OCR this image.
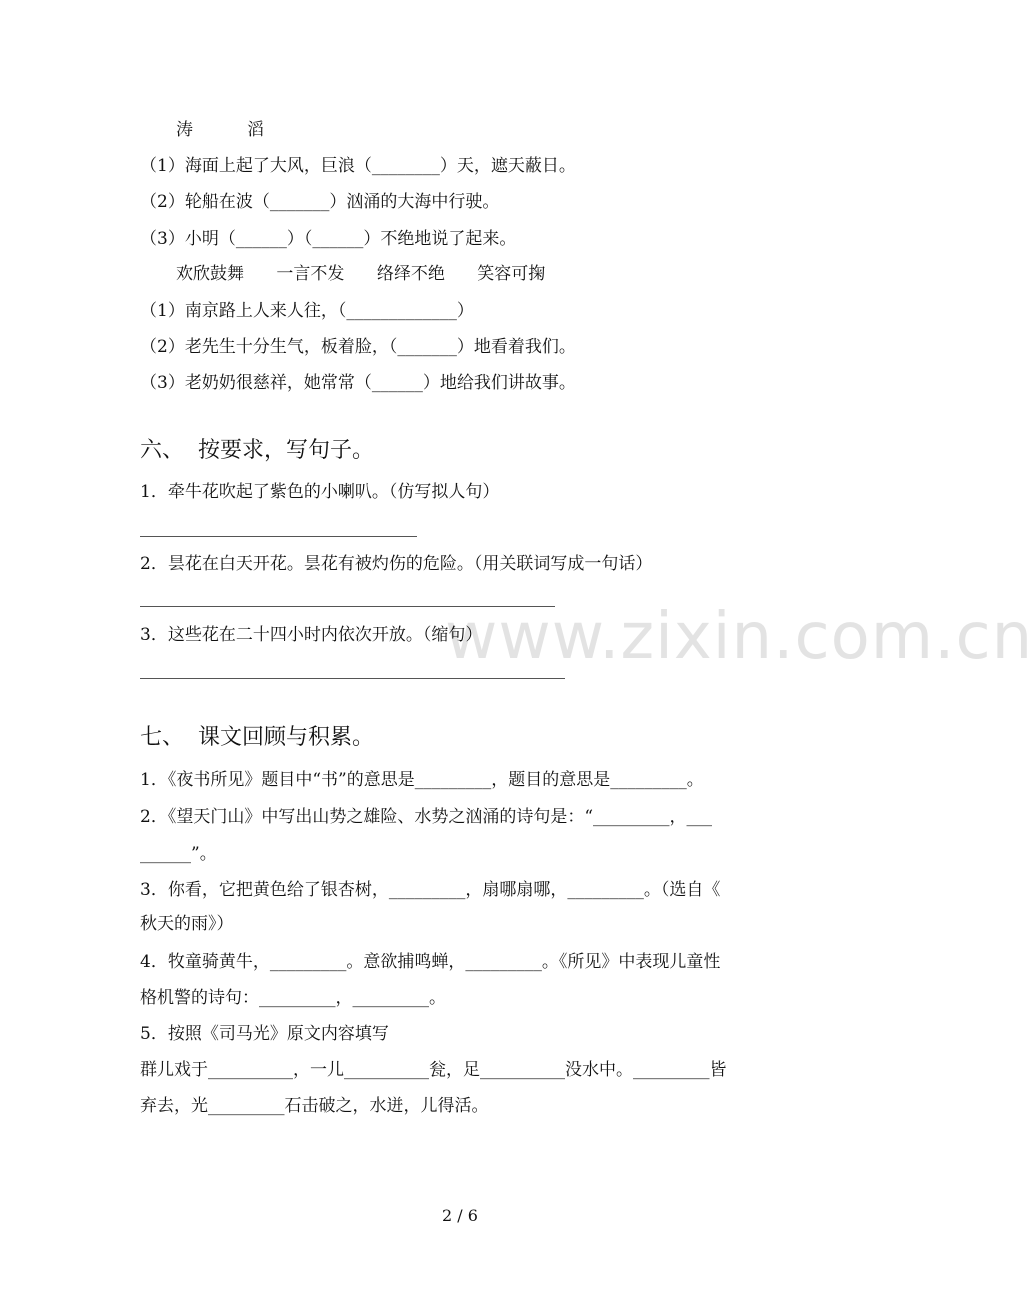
www.zixin.com.cn
涛          滔
（1）海面上起了大风，巨浪（________）天，遮天蔽日。
（2）轮船在波（_______）汹涌的大海中行驶。
（3）小明（______）（______）不绝地说了起来。
欢欣鼓舞      一言不发      络绎不绝      笑容可掬
（1）南京路上人来人往，（_____________）
（2）老先生十分生气，板着脸，（_______）地看着我们。
（3）老奶奶很慈祥，她常常（______）地给我们讲故事。
六、  按要求，写句子。
1．牵牛花吹起了紫色的小喇叭。（仿写拟人句）
2．昙花在白天开花。昙花有被灼伤的危险。（用关联词写成一句话）
3．这些花在二十四小时内依次开放。（缩句）
七、  课文回顾与积累。
1．《夜书所见》题目中“书”的意思是_________，题目的意思是_________。
2．《望天门山》中写出山势之雄险、水势之汹涌的诗句是：“_________，___
______”。
3．你看，它把黄色给了银杏树，_________，扇哪扇哪，_________。（选自《
秋天的雨》）
4．牧童骑黄牛，_________。意欲捕鸣蝉，_________。《所见》中表现儿童性
格机警的诗句：_________，_________。
5．按照《司马光》原文内容填写
群儿戏于__________，一儿__________瓮，足__________没水中。_________皆
弃去，光_________石击破之，水迸，儿得活。
2 / 6
